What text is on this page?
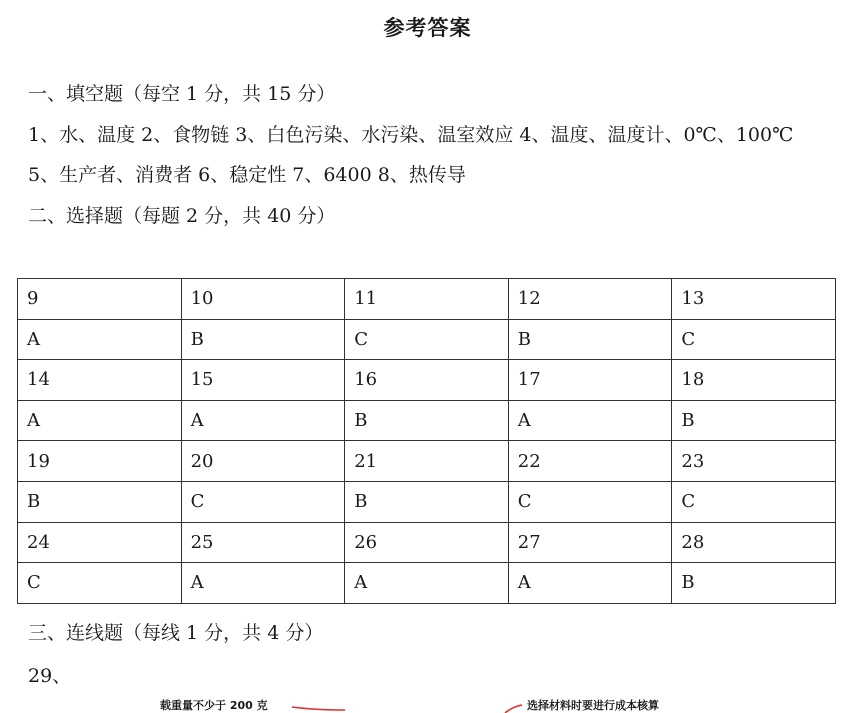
参考答案
一、填空题（每空 1 分，共 15 分）
1、水、温度 2、食物链 3、白色污染、水污染、温室效应 4、温度、温度计、0℃、100℃
5、生产者、消费者 6、稳定性 7、6400 8、热传导
二、选择题（每题 2 分，共 40 分）
9	10	11	12	13
A	B	C	B	C
14	15	16	17	18
A	A	B	A	B
19	20	21	22	23
B	C	B	C	C
24	25	26	27	28
C	A	A	A	B
三、连线题（每线 1 分，共 4 分）
29、
载重量不少于 200 克	选择材料时要进行成本核算
